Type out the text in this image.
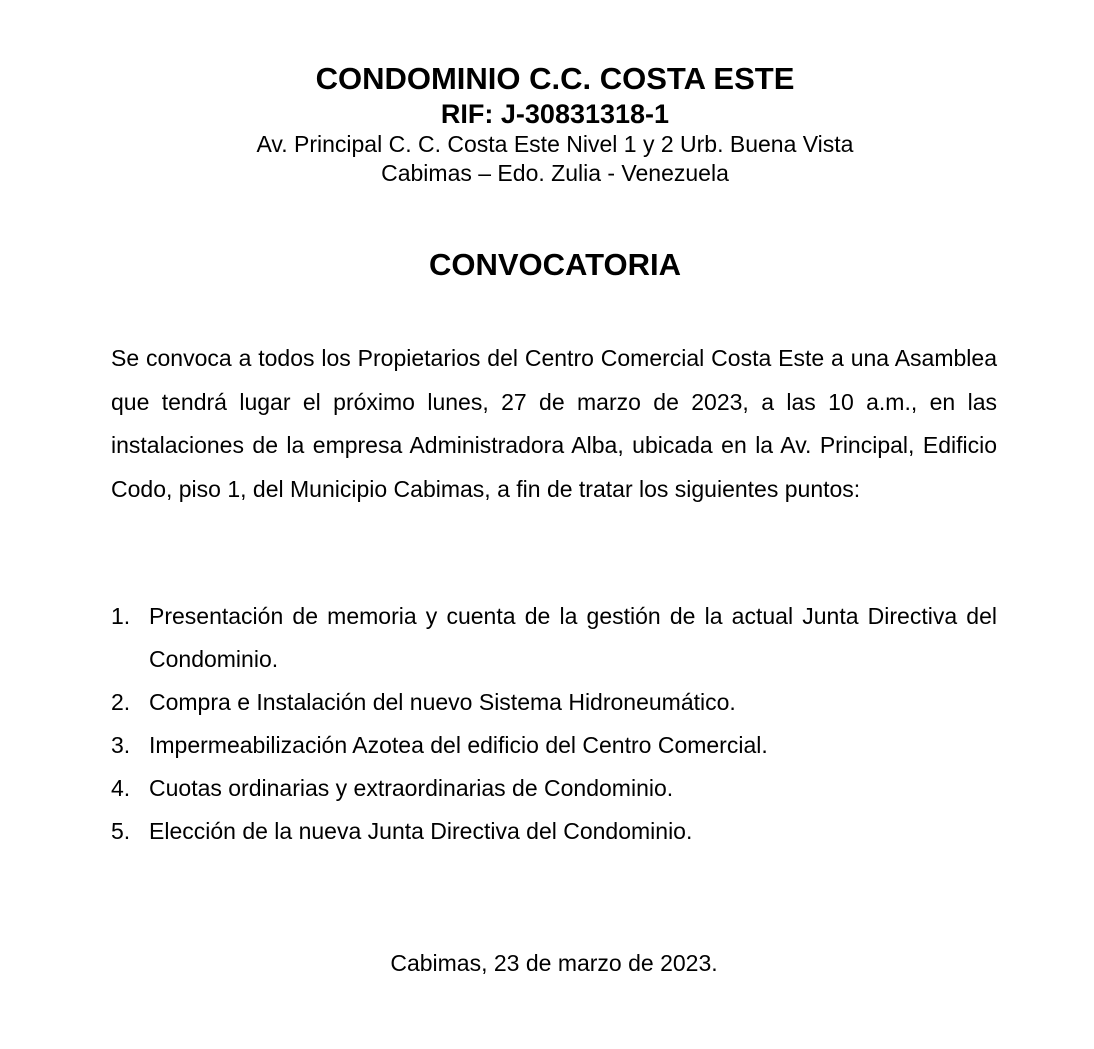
CONDOMINIO C.C. COSTA ESTE

RIF: J-30831318-1

Av. Principal C. C. Costa Este Nivel 1 y 2 Urb. Buena Vista

Cabimas – Edo. Zulia - Venezuela

CONVOCATORIA

Se convoca a todos los Propietarios del Centro Comercial Costa Este a una Asamblea que tendrá lugar el próximo lunes, 27 de marzo de 2023, a las 10 a.m., en las instalaciones de la empresa Administradora Alba, ubicada en la Av. Principal, Edificio Codo, piso 1, del Municipio Cabimas, a fin de tratar los siguientes puntos:

1. Presentación de memoria y cuenta de la gestión de la actual Junta Directiva del Condominio.
2. Compra e Instalación del nuevo Sistema Hidroneumático.
3. Impermeabilización Azotea del edificio del Centro Comercial.
4. Cuotas ordinarias y extraordinarias de Condominio.
5. Elección de la nueva Junta Directiva del Condominio.

Cabimas, 23 de marzo de 2023.
